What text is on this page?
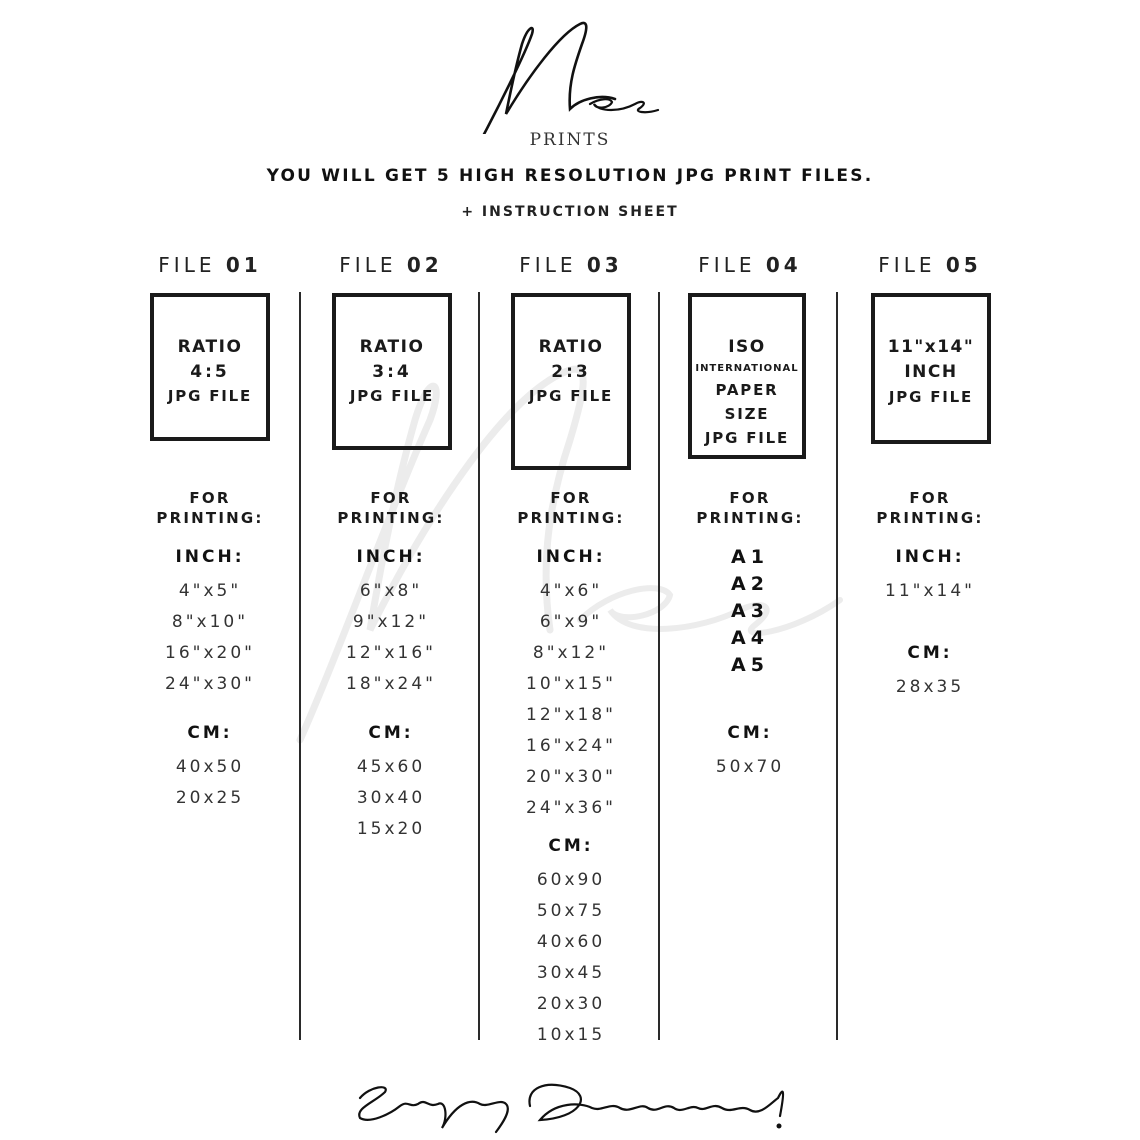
PRINTS
YOU WILL GET 5 HIGH RESOLUTION JPG PRINT FILES.
+ INSTRUCTION SHEET
FILE 01
RATIO
4:5
JPG FILE
FOR
PRINTING:
INCH:
4"x5"
8"x10"
16"x20"
24"x30"
CM:
40x50
20x25
FILE 02
RATIO
3:4
JPG FILE
FOR
PRINTING:
INCH:
6"x8"
9"x12"
12"x16"
18"x24"
CM:
45x60
30x40
15x20
FILE 03
RATIO
2:3
JPG FILE
FOR
PRINTING:
INCH:
4"x6"
6"x9"
8"x12"
10"x15"
12"x18"
16"x24"
20"x30"
24"x36"
CM:
60x90
50x75
40x60
30x45
20x30
10x15
FILE 04
ISO
INTERNATIONAL
PAPER SIZE
JPG FILE
FOR
PRINTING:
A1
A2
A3
A4
A5
CM:
50x70
FILE 05
11"x14"
INCH
JPG FILE
FOR
PRINTING:
INCH:
11"x14"
CM:
28x35
